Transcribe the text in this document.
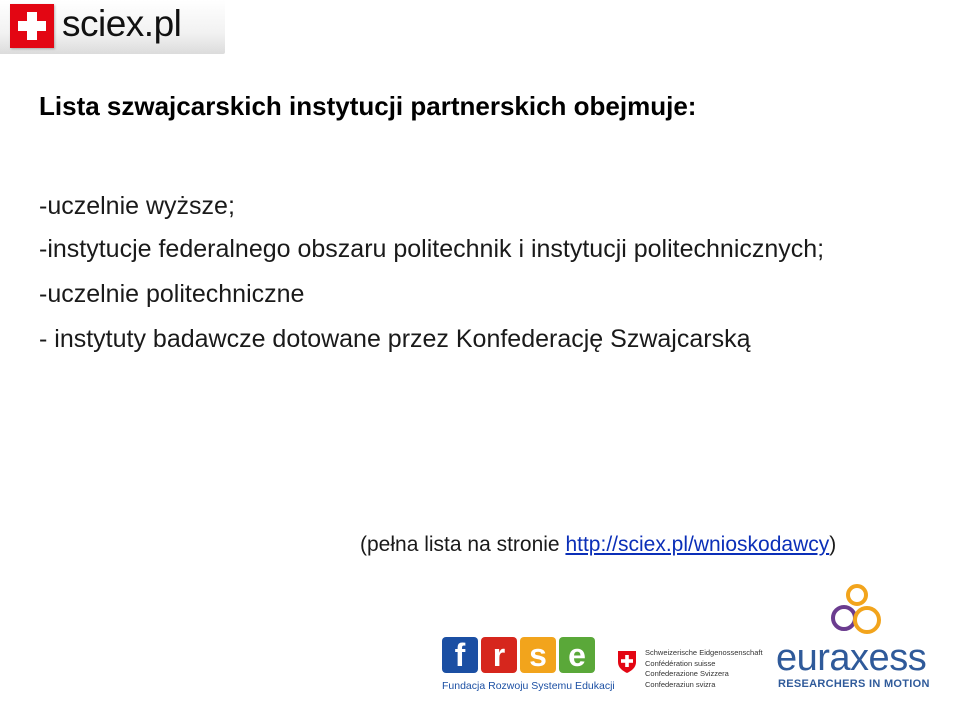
sciex.pl
Lista szwajcarskich instytucji partnerskich obejmuje:
-uczelnie wyższe;
-instytucje federalnego obszaru politechnik i instytucji politechnicznych;
-uczelnie politechniczne
- instytuty badawcze dotowane przez Konfederację Szwajcarską
(pełna lista na stronie http://sciex.pl/wnioskodawcy)
f r s e
Fundacja Rozwoju Systemu Edukacji
Schweizerische Eidgenossenschaft
Confédération suisse
Confederazione Svizzera
Confederaziun svizra
euraxess
RESEARCHERS IN MOTION
